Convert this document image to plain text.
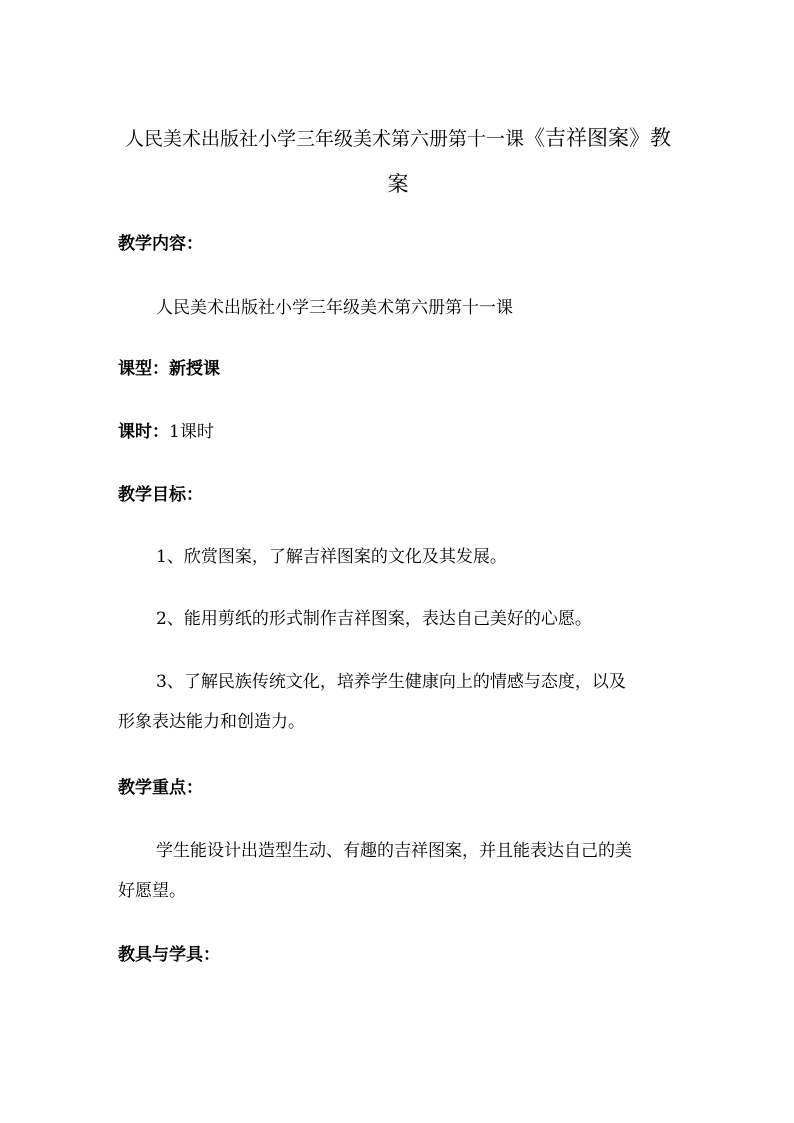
人民美术出版社小学三年级美术第六册第十一课《吉祥图案》教
案
教学内容：
人民美术出版社小学三年级美术第六册第十一课
课型：新授课
课时：1课时
教学目标：
1、欣赏图案，了解吉祥图案的文化及其发展。
2、能用剪纸的形式制作吉祥图案，表达自己美好的心愿。
3、了解民族传统文化，培养学生健康向上的情感与态度，以及
形象表达能力和创造力。
教学重点：
学生能设计出造型生动、有趣的吉祥图案，并且能表达自己的美
好愿望。
教具与学具：
